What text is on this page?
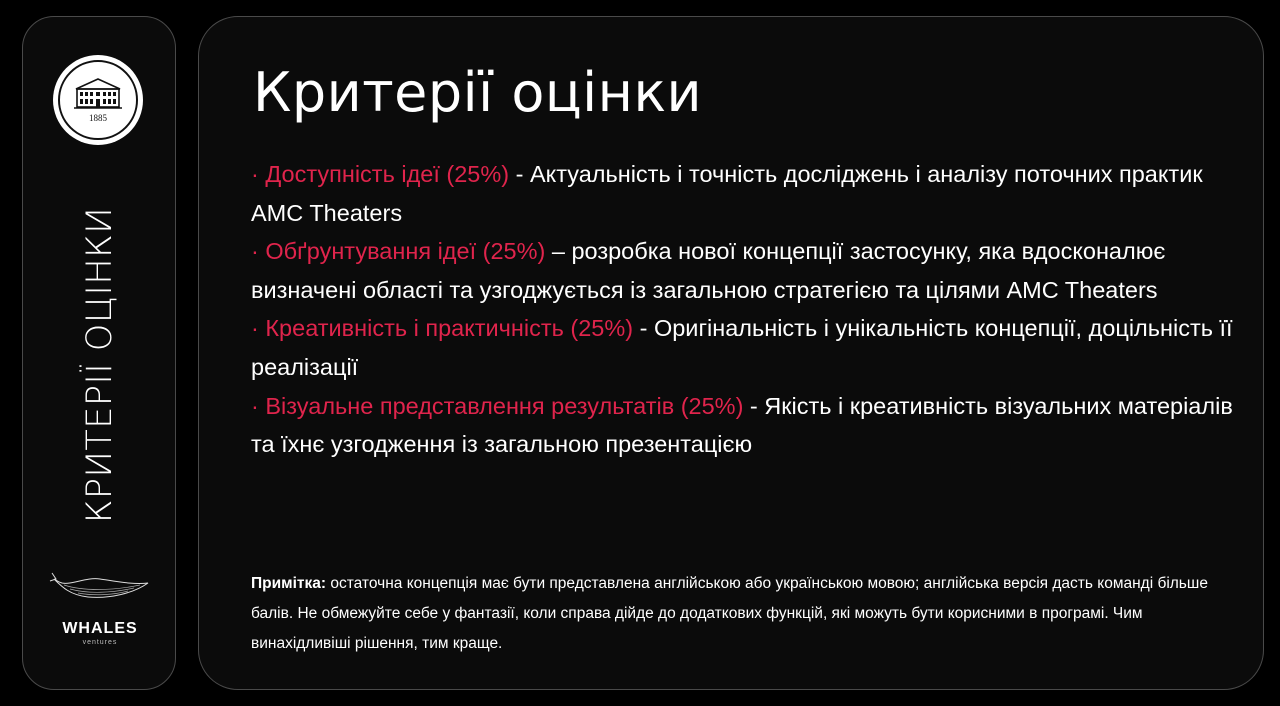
1885
КРИТЕРІЇ ОЦІНКИ
WHALES
ventures
Критерії оцінки
· Доступність ідеї (25%) - Актуальність і точність досліджень і аналізу поточних практик AMC Theaters
· Обґрунтування ідеї (25%) – розробка нової концепції застосунку, яка вдосконалює визначені області та узгоджується із загальною стратегією та цілями AMC Theaters
· Креативність і практичність (25%) - Оригінальність і унікальність концепції, доцільність її реалізації
· Візуальне представлення результатів (25%) - Якість і креативність візуальних матеріалів та їхнє узгодження із загальною презентацією
Примітка: остаточна концепція має бути представлена англійською або українською мовою; англійська версія дасть команді більше балів. Не обмежуйте себе у фантазії, коли справа дійде до додаткових функцій, які можуть бути корисними в програмі. Чим винахідливіші рішення, тим краще.
